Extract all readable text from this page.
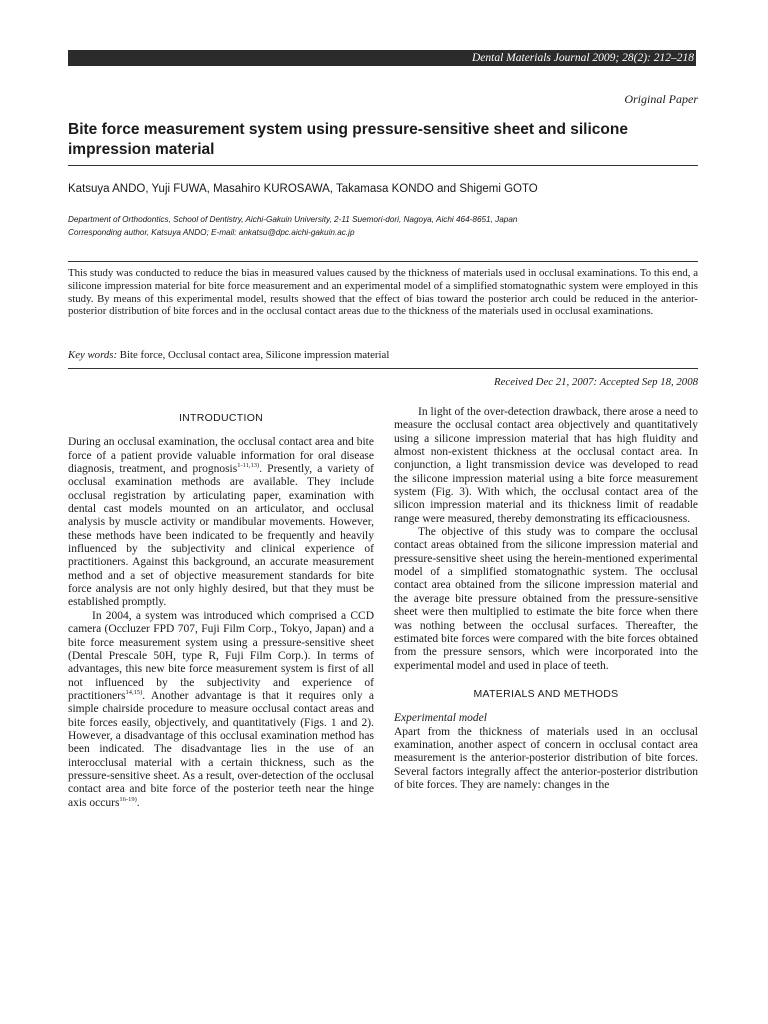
Dental Materials Journal 2009; 28(2): 212–218
Original Paper
Bite force measurement system using pressure-sensitive sheet and silicone impression material
Katsuya ANDO, Yuji FUWA, Masahiro KUROSAWA, Takamasa KONDO and Shigemi GOTO
Department of Orthodontics, School of Dentistry, Aichi-Gakuin University, 2-11 Suemori-dori, Nagoya, Aichi 464-8651, Japan
Corresponding author, Katsuya ANDO; E-mail: ankatsu@dpc.aichi-gakuin.ac.jp

This study was conducted to reduce the bias in measured values caused by the thickness of materials used in occlusal examinations. To this end, a silicone impression material for bite force measurement and an experimental model of a simplified stomatognathic system were employed in this study. By means of this experimental model, results showed that the effect of bias toward the posterior arch could be reduced in the anterior-posterior distribution of bite forces and in the occlusal contact areas due to the thickness of the materials used in occlusal examinations.

Key words: Bite force, Occlusal contact area, Silicone impression material
Received Dec 21, 2007: Accepted Sep 18, 2008
INTRODUCTION

During an occlusal examination, the occlusal contact area and bite force of a patient provide valuable information for oral disease diagnosis, treatment, and prognosis$^{1-11,13)}$. Presently, a variety of occlusal examination methods are available. They include occlusal registration by articulating paper, examination with dental cast models mounted on an articulator, and occlusal analysis by muscle activity or mandibular movements. However, these methods have been indicated to be frequently and heavily influenced by the subjectivity and clinical experience of practitioners. Against this background, an accurate measurement method and a set of objective measurement standards for bite force analysis are not only highly desired, but that they must be established promptly.

In 2004, a system was introduced which comprised a CCD camera (Occluzer FPD 707, Fuji Film Corp., Tokyo, Japan) and a bite force measurement system using a pressure-sensitive sheet (Dental Prescale 50H, type R, Fuji Film Corp.). In terms of advantages, this new bite force measurement system is first of all not influenced by the subjectivity and experience of practitioners$^{14,15)}$. Another advantage is that it requires only a simple chairside procedure to measure occlusal contact areas and bite forces easily, objectively, and quantitatively (Figs. 1 and 2). However, a disadvantage of this occlusal examination method has been indicated. The disadvantage lies in the use of an interocclusal material with a certain thickness, such as the pressure-sensitive sheet. As a result, over-detection of the occlusal contact area and bite force of the posterior teeth near the hinge axis occurs$^{16-19)}$.

In light of the over-detection drawback, there arose a need to measure the occlusal contact area objectively and quantitatively using a silicone impression material that has high fluidity and almost non-existent thickness at the occlusal contact area. In conjunction, a light transmission device was developed to read the silicone impression material using a bite force measurement system (Fig. 3). With which, the occlusal contact area of the silicon impression material and its thickness limit of readable range were measured, thereby demonstrating its efficaciousness.

The objective of this study was to compare the occlusal contact areas obtained from the silicone impression material and pressure-sensitive sheet using the herein-mentioned experimental model of a simplified stomatognathic system. The occlusal contact area obtained from the silicone impression material and the average bite pressure obtained from the pressure-sensitive sheet were then multiplied to estimate the bite force when there was nothing between the occlusal surfaces. Thereafter, the estimated bite forces were compared with the bite forces obtained from the pressure sensors, which were incorporated into the experimental model and used in place of teeth.

MATERIALS AND METHODS

Experimental model

Apart from the thickness of materials used in an occlusal examination, another aspect of concern in occlusal contact area measurement is the anterior-posterior distribution of bite forces. Several factors integrally affect the anterior-posterior distribution of bite forces. They are namely: changes in the
